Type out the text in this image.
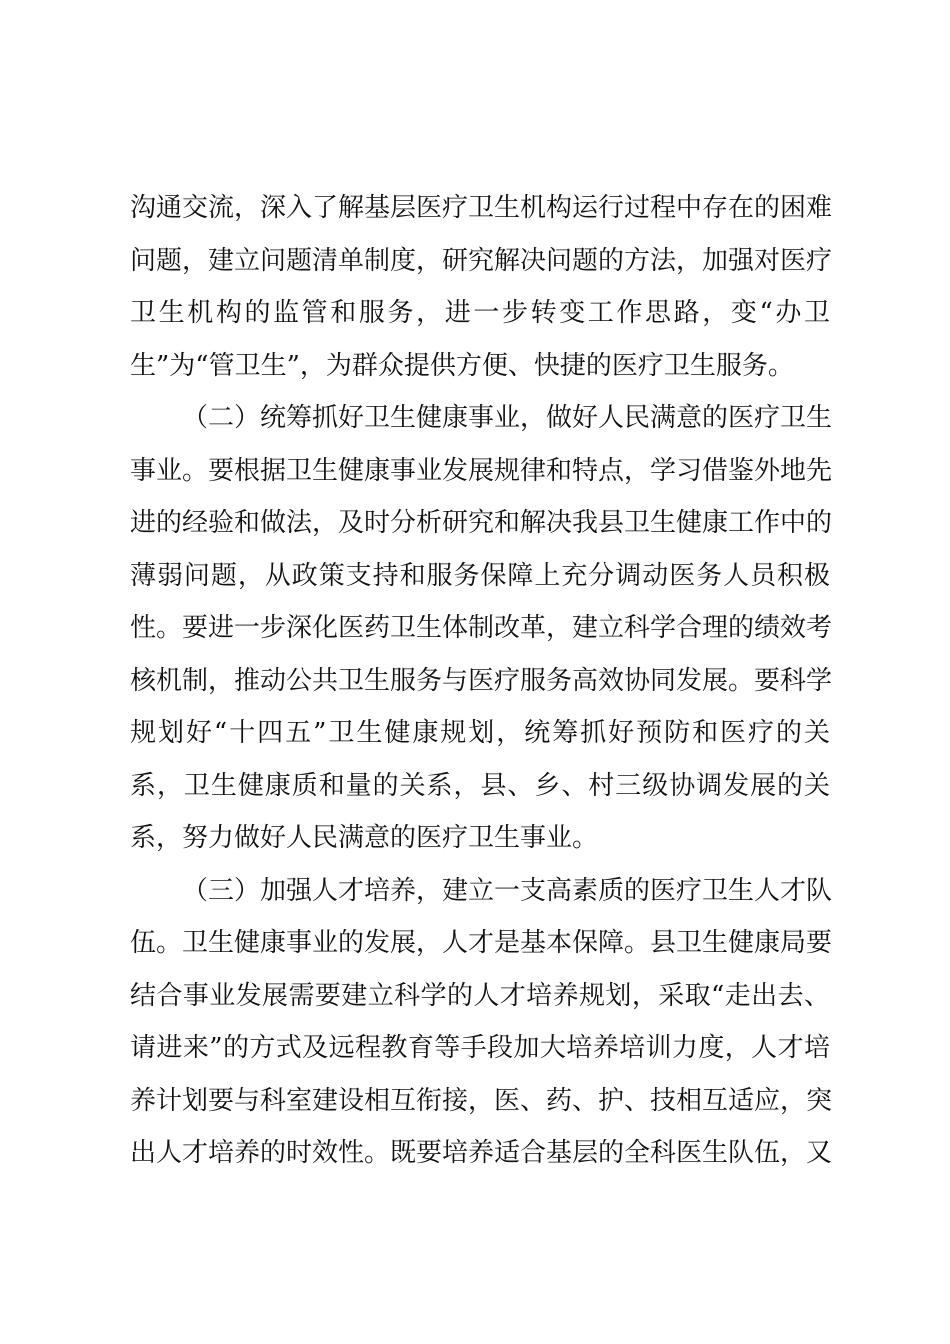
沟通交流，深入了解基层医疗卫生机构运行过程中存在的困难
问题，建立问题清单制度，研究解决问题的方法，加强对医疗
卫生机构的监管和服务，进一步转变工作思路，变“办卫
生”为“管卫生”，为群众提供方便、快捷的医疗卫生服务。
（二）统筹抓好卫生健康事业，做好人民满意的医疗卫生
事业。要根据卫生健康事业发展规律和特点，学习借鉴外地先
进的经验和做法，及时分析研究和解决我县卫生健康工作中的
薄弱问题，从政策支持和服务保障上充分调动医务人员积极
性。要进一步深化医药卫生体制改革，建立科学合理的绩效考
核机制，推动公共卫生服务与医疗服务高效协同发展。要科学
规划好“十四五”卫生健康规划，统筹抓好预防和医疗的关
系，卫生健康质和量的关系，县、乡、村三级协调发展的关
系，努力做好人民满意的医疗卫生事业。
（三）加强人才培养，建立一支高素质的医疗卫生人才队
伍。卫生健康事业的发展，人才是基本保障。县卫生健康局要
结合事业发展需要建立科学的人才培养规划，采取“走出去、
请进来”的方式及远程教育等手段加大培养培训力度，人才培
养计划要与科室建设相互衔接，医、药、护、技相互适应，突
出人才培养的时效性。既要培养适合基层的全科医生队伍，又
